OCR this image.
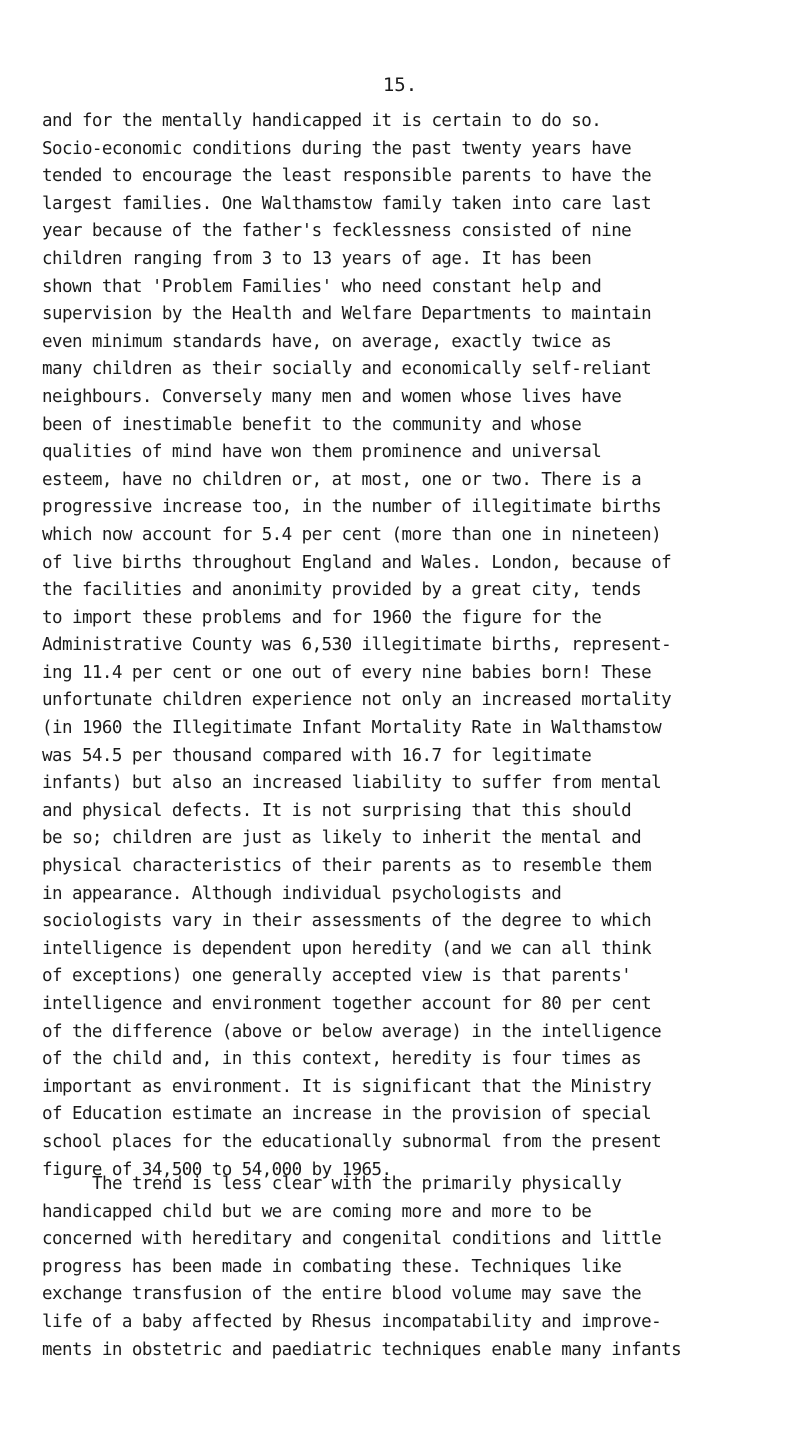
15.
and for the mentally handicapped it is certain to do so.
Socio-economic conditions during the past twenty years have
tended to encourage the least responsible parents to have the
largest families. One Walthamstow family taken into care last
year because of the father's fecklessness consisted of nine
children ranging from 3 to 13 years of age. It has been
shown that 'Problem Families' who need constant help and
supervision by the Health and Welfare Departments to maintain
even minimum standards have, on average, exactly twice as
many children as their socially and economically self-reliant
neighbours. Conversely many men and women whose lives have
been of inestimable benefit to the community and whose
qualities of mind have won them prominence and universal
esteem, have no children or, at most, one or two. There is a
progressive increase too, in the number of illegitimate births
which now account for 5.4 per cent (more than one in nineteen)
of live births throughout England and Wales. London, because of
the facilities and anonimity provided by a great city, tends
to import these problems and for 1960 the figure for the
Administrative County was 6,530 illegitimate births, represent-
ing 11.4 per cent or one out of every nine babies born! These
unfortunate children experience not only an increased mortality
(in 1960 the Illegitimate Infant Mortality Rate in Walthamstow
was 54.5 per thousand compared with 16.7 for legitimate
infants) but also an increased liability to suffer from mental
and physical defects. It is not surprising that this should
be so; children are just as likely to inherit the mental and
physical characteristics of their parents as to resemble them
in appearance. Although individual psychologists and
sociologists vary in their assessments of the degree to which
intelligence is dependent upon heredity (and we can all think
of exceptions) one generally accepted view is that parents'
intelligence and environment together account for 80 per cent
of the difference (above or below average) in the intelligence
of the child and, in this context, heredity is four times as
important as environment. It is significant that the Ministry
of Education estimate an increase in the provision of special
school places for the educationally subnormal from the present
figure of 34,500 to 54,000 by 1965.
The trend is less clear with the primarily physically
handicapped child but we are coming more and more to be
concerned with hereditary and congenital conditions and little
progress has been made in combating these. Techniques like
exchange transfusion of the entire blood volume may save the
life of a baby affected by Rhesus incompatability and improve-
ments in obstetric and paediatric techniques enable many infants
